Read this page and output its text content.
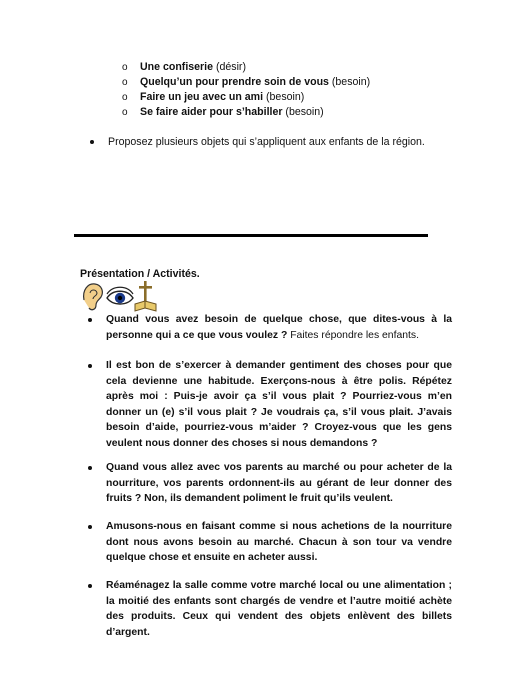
o Une confiserie (désir)
o Quelqu’un pour prendre soin de vous (besoin)
o Faire un jeu avec un ami (besoin)
o Se faire aider pour s’habiller (besoin)
Proposez plusieurs objets qui s’appliquent aux enfants de la région.
Présentation / Activités.

Quand vous avez besoin de quelque chose, que dites-vous à la personne qui a ce que vous voulez ? Faites répondre les enfants.

Il est bon de s’exercer à demander gentiment des choses pour que cela devienne une habitude. Exerçons-nous à être polis. Répétez après moi : Puis-je avoir ça s’il vous plait ? Pourriez-vous m’en donner un (e) s’il vous plait ? Je voudrais ça, s’il vous plait. J’avais besoin d’aide, pourriez-vous m’aider ? Croyez-vous que les gens veulent nous donner des choses si nous demandons ?

Quand vous allez avec vos parents au marché ou pour acheter de la nourriture, vos parents ordonnent-ils au gérant de leur donner des fruits ? Non, ils demandent poliment le fruit qu’ils veulent.

Amusons-nous en faisant comme si nous achetions de la nourriture dont nous avons besoin au marché. Chacun à son tour va vendre quelque chose et ensuite en acheter aussi.

Réaménagez la salle comme votre marché local ou une alimentation ; la moitié des enfants sont chargés de vendre et l’autre moitié achète des produits. Ceux qui vendent des objets enlèvent des billets d’argent.
